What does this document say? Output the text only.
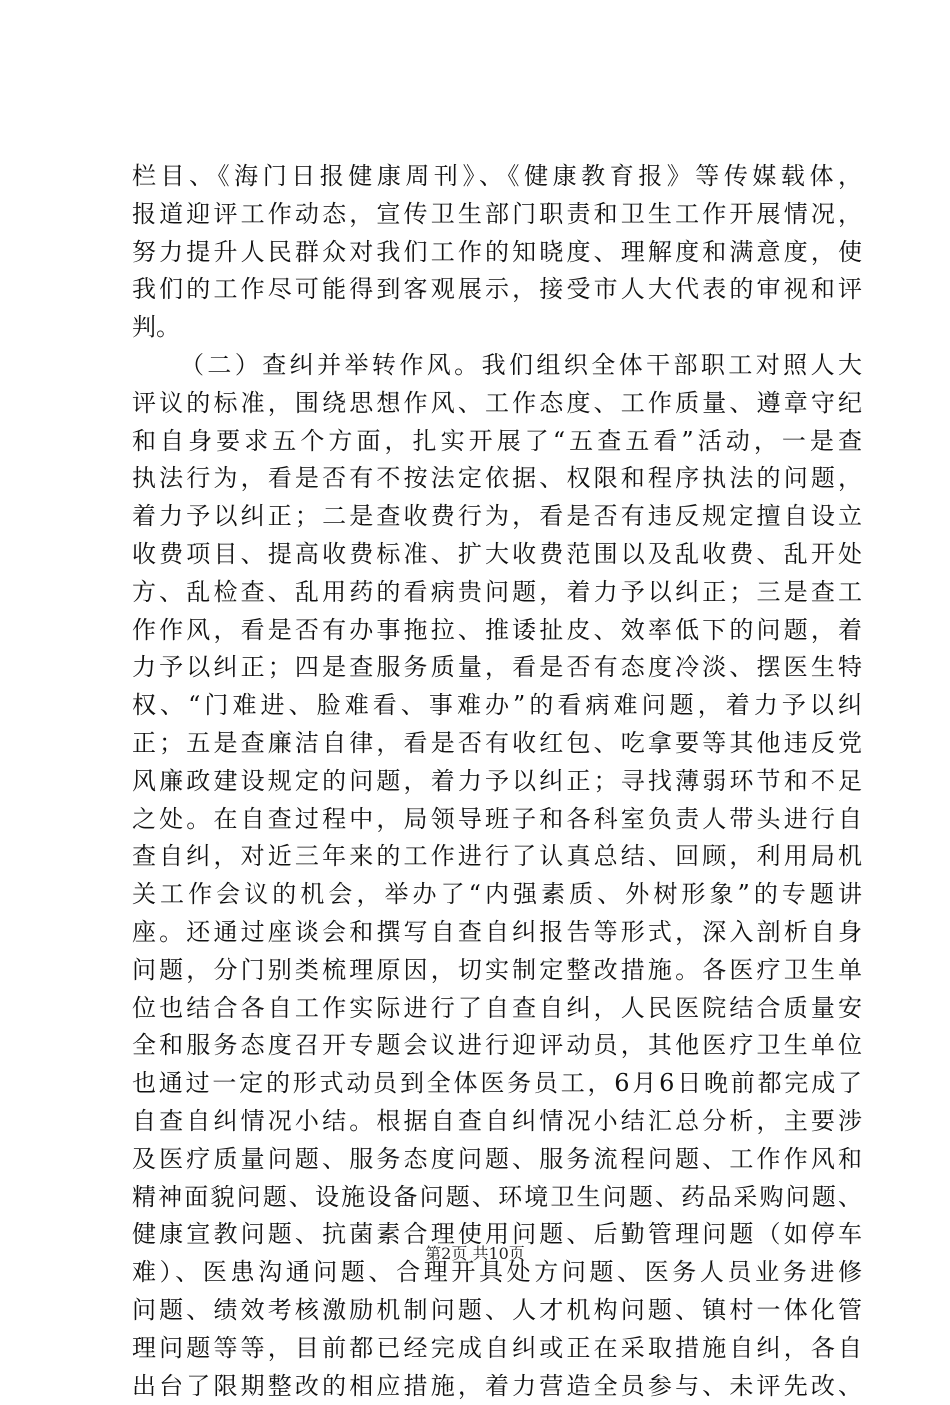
栏目、《海门日报健康周刊》、《健康教育报》等传媒载体，
报道迎评工作动态，宣传卫生部门职责和卫生工作开展情况，
努力提升人民群众对我们工作的知晓度、理解度和满意度，使
我们的工作尽可能得到客观展示，接受市人大代表的审视和评
判。
（二）查纠并举转作风。我们组织全体干部职工对照人大
评议的标准，围绕思想作风、工作态度、工作质量、遵章守纪
和自身要求五个方面，扎实开展了“五查五看”活动，一是查
执法行为，看是否有不按法定依据、权限和程序执法的问题，
着力予以纠正；二是查收费行为，看是否有违反规定擅自设立
收费项目、提高收费标准、扩大收费范围以及乱收费、乱开处
方、乱检查、乱用药的看病贵问题，着力予以纠正；三是查工
作作风，看是否有办事拖拉、推诿扯皮、效率低下的问题，着
力予以纠正；四是查服务质量，看是否有态度冷淡、摆医生特
权、“门难进、脸难看、事难办”的看病难问题，着力予以纠
正；五是查廉洁自律，看是否有收红包、吃拿要等其他违反党
风廉政建设规定的问题，着力予以纠正；寻找薄弱环节和不足
之处。在自查过程中，局领导班子和各科室负责人带头进行自
查自纠，对近三年来的工作进行了认真总结、回顾，利用局机
关工作会议的机会，举办了“内强素质、外树形象”的专题讲
座。还通过座谈会和撰写自查自纠报告等形式，深入剖析自身
问题，分门别类梳理原因，切实制定整改措施。各医疗卫生单
位也结合各自工作实际进行了自查自纠，人民医院结合质量安
全和服务态度召开专题会议进行迎评动员，其他医疗卫生单位
也通过一定的形式动员到全体医务员工，6月6日晚前都完成了
自查自纠情况小结。根据自查自纠情况小结汇总分析，主要涉
及医疗质量问题、服务态度问题、服务流程问题、工作作风和
精神面貌问题、设施设备问题、环境卫生问题、药品采购问题、
健康宣教问题、抗菌素合理使用问题、后勤管理问题（如停车
难）、医患沟通问题、合理开具处方问题、医务人员业务进修
问题、绩效考核激励机制问题、人才机构问题、镇村一体化管
理问题等等，目前都已经完成自纠或正在采取措施自纠，各自
出台了限期整改的相应措施，着力营造全员参与、未评先改、
第2页 共10页
